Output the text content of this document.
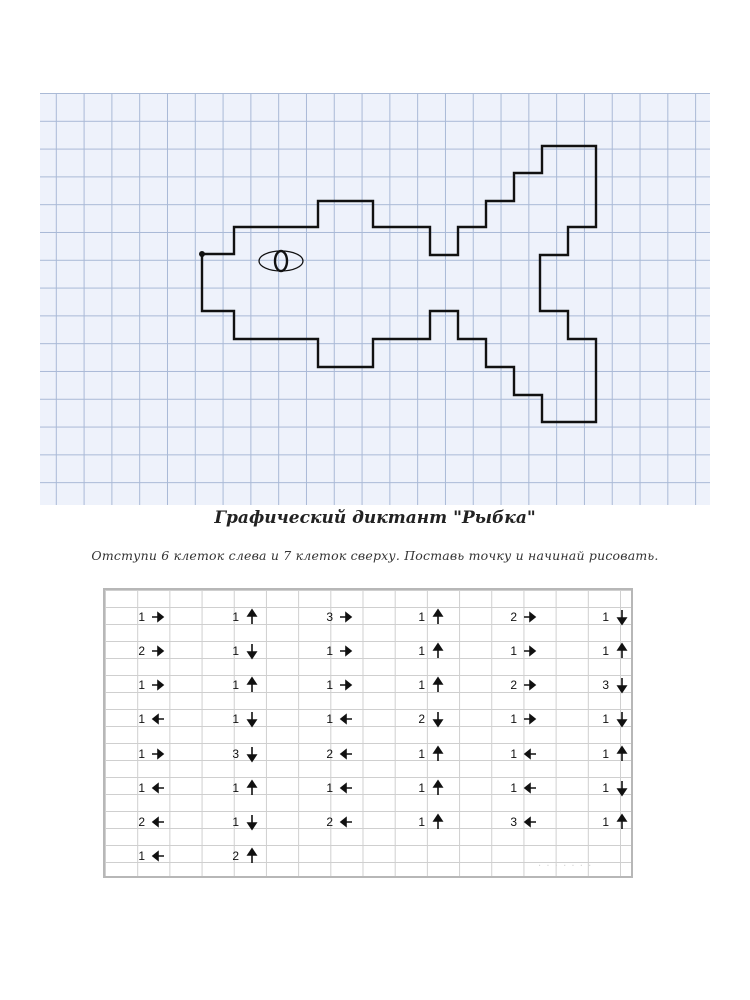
Графический диктант "Рыбка"
Отступи 6 клеток слева и 7 клеток сверху. Поставь точку и начинай рисовать.
1
2
1
1
1
1
2
1
1
1
1
1
3
1
1
2
3
1
1
1
2
1
2
1
1
1
2
1
1
1
2
1
2
1
1
1
3
1
1
3
1
1
1
1
· · · · · · ·
